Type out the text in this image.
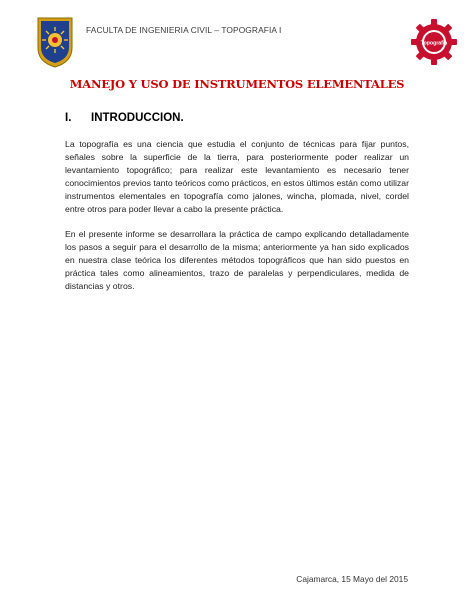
FACULTA DE INGENIERIA CIVIL – TOPOGRAFIA I
Topografia
MANEJO Y USO DE INSTRUMENTOS ELEMENTALES
I. INTRODUCCION.

La topografía es una ciencia que estudia el conjunto de técnicas para fijar puntos, señales sobre la superficie de la tierra, para posteriormente poder realizar un levantamiento topográfico; para realizar este levantamiento es necesario tener conocimientos previos tanto teóricos como prácticos, en estos últimos están como utilizar instrumentos elementales en topografía como jalones, wincha, plomada, nivel, cordel entre otros para poder llevar a cabo la presente práctica.

En el presente informe se desarrollara la práctica de campo explicando detalladamente los pasos a seguir para el desarrollo de la misma; anteriormente ya han sido explicados en nuestra clase teórica los diferentes métodos topográficos que han sido puestos en práctica tales como alineamientos, trazo de paralelas y perpendiculares, medida de distancias y otros.

Cajamarca, 15 Mayo del 2015
